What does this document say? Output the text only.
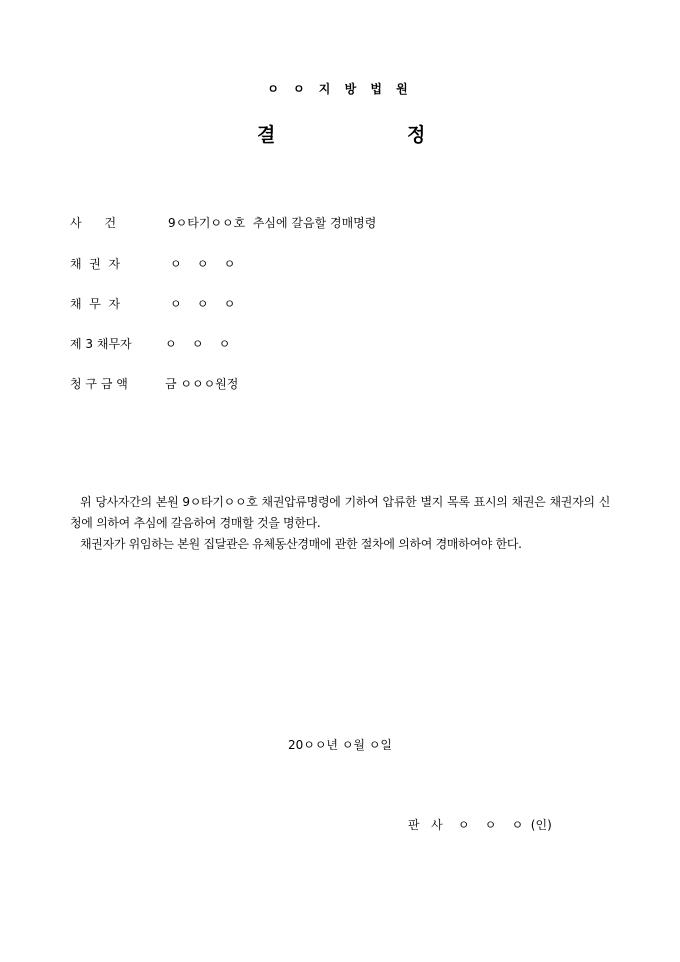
ㅇ ㅇ 지 방 법 원
결	정

사      건

	9ㅇ타기ㅇㅇ호  추심에 갈음할 경매명령

채  권  자

	ㅇ    ㅇ    ㅇ

채  무  자

	ㅇ    ㅇ    ㅇ

제 3 채무자

	ㅇ    ㅇ    ㅇ

청 구 금 액

	금 ㅇㅇㅇ원정

위 당사자간의 본원 9ㅇ타기ㅇㅇ호 채권압류명령에 기하여 압류한 별지 목록 표시의 채권은 채권자의 신청에 의하여 추심에 갈음하여 경매할 것을 명한다.
채권자가 위임하는 본원 집달관은 유체동산경매에 관한 절차에 의하여 경매하여야 한다.
20ㅇㅇ년 ㅇ월 ㅇ일
판   사    ㅇ    ㅇ    ㅇ  (인)
